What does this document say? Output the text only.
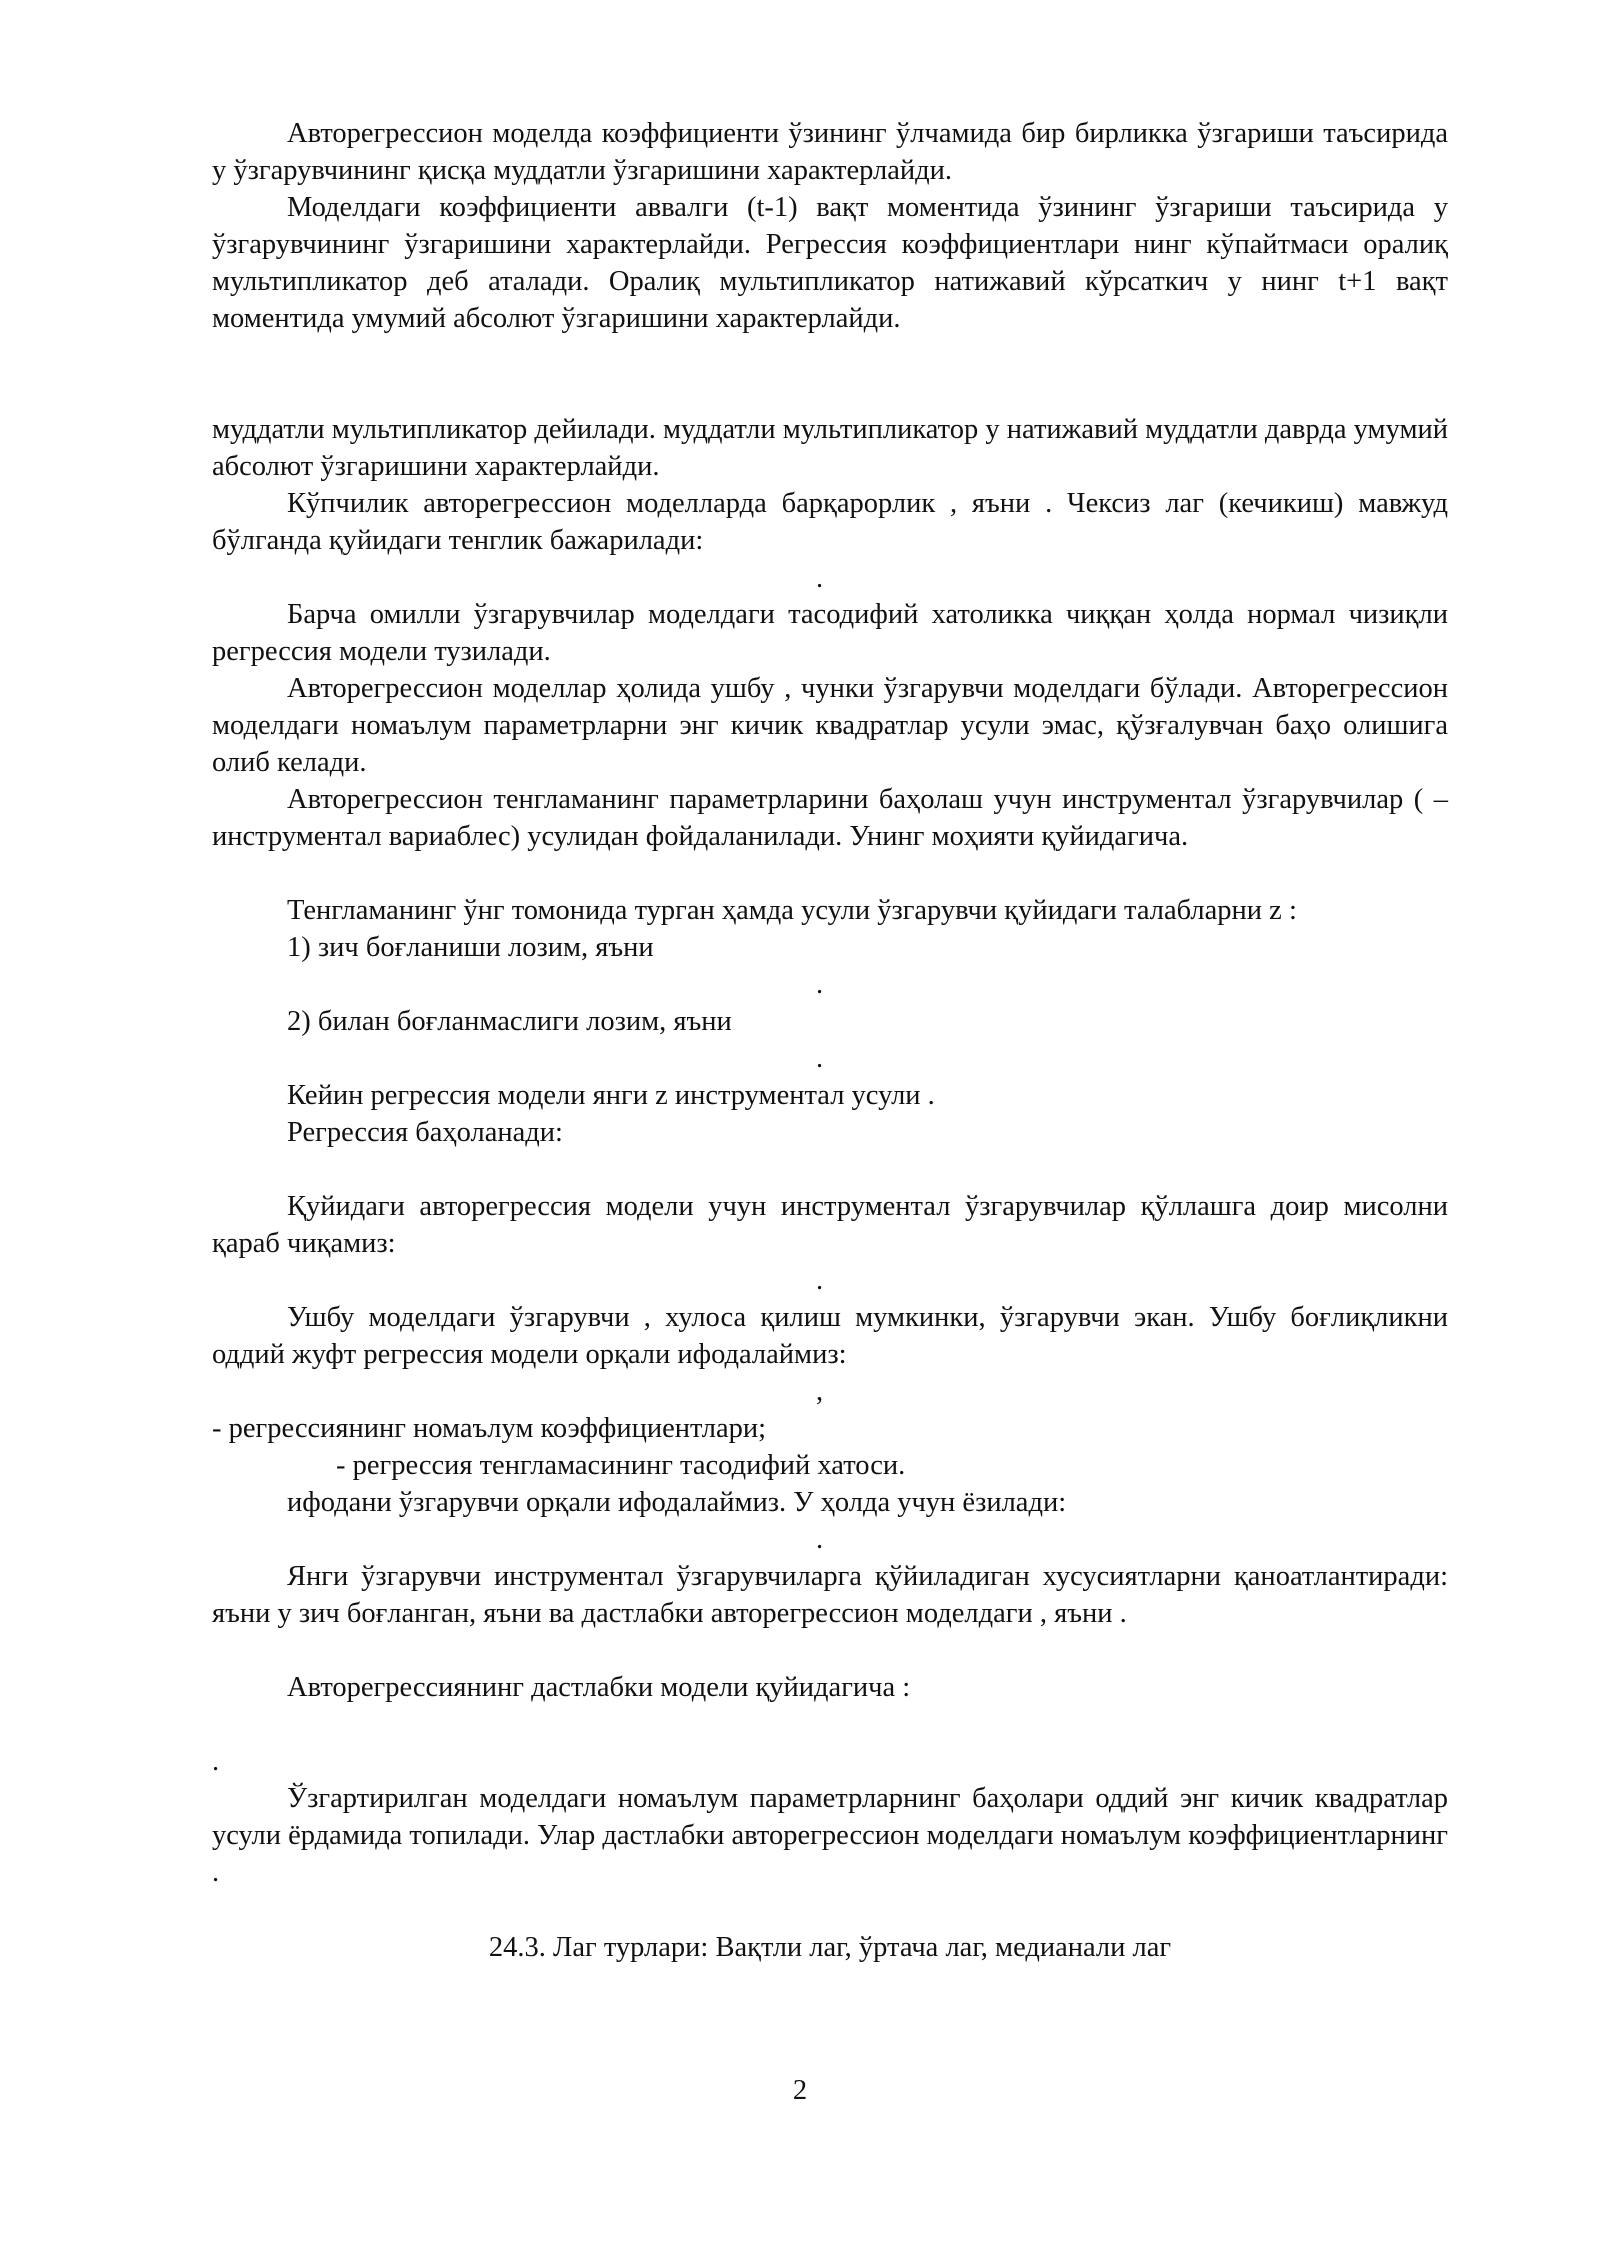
Авторегрессион моделда коэффициенти ўзининг ўлчамида бир бирликка ўзгариши таъсирида у ўзгарувчининг қисқа муддатли ўзгаришини характерлайди.

Моделдаги коэффициенти аввалги (t-1) вақт моментида ўзининг ўзгариши таъсирида у ўзгарувчининг ўзгаришини характерлайди. Регрессия коэффициентлари нинг кўпайтмаси оралиқ мультипликатор деб аталади. Оралиқ мультипликатор натижавий кўрсаткич у нинг t+1 вақт моментида умумий абсолют ўзгаришини характерлайди.

муддатли мультипликатор дейилади. муддатли мультипликатор у натижавий муддатли даврда умумий абсолют ўзгаришини характерлайди.

Кўпчилик авторегрессион моделларда барқарорлик , яъни . Чексиз лаг (кечикиш) мавжуд бўлганда қуйидаги тенглик бажарилади:

.

Барча омилли ўзгарувчилар моделдаги тасодифий хатоликка чиққан ҳолда нормал чизиқли регрессия модели тузилади.

Авторегрессион моделлар ҳолида ушбу , чунки ўзгарувчи моделдаги бўлади. Авторегрессион моделдаги номаълум параметрларни энг кичик квадратлар усули эмас, қўзғалувчан баҳо олишига олиб келади.

Авторегрессион тенгламанинг параметрларини баҳолаш учун инструментал ўзгарувчилар ( – инструментал вариаблес) усулидан фойдаланилади. Унинг моҳияти қуйидагича.

Тенгламанинг ўнг томонида турган ҳамда усули ўзгарувчи қуйидаги талабларни z :

1) зич боғланиши лозим, яъни

.

2) билан боғланмаслиги лозим, яъни

.

Кейин регрессия модели янги z инструментал усули .

Регрессия баҳоланади:

Қуйидаги авторегрессия модели учун инструментал ўзгарувчилар қўллашга доир мисолни қараб чиқамиз:

.

Ушбу моделдаги ўзгарувчи , хулоса қилиш мумкинки, ўзгарувчи экан. Ушбу боғлиқликни оддий жуфт регрессия модели орқали ифодалаймиз:

,

- регрессиянинг номаълум коэффициентлари;

- регрессия тенгламасининг тасодифий хатоси.

ифодани ўзгарувчи орқали ифодалаймиз. У ҳолда учун ёзилади:

.

Янги ўзгарувчи инструментал ўзгарувчиларга қўйиладиган хусусиятларни қаноатлантиради: яъни у зич боғланган, яъни ва дастлабки авторегрессион моделдаги , яъни .

Авторегрессиянинг дастлабки модели қуйидагича :

.

Ўзгартирилган моделдаги номаълум параметрларнинг баҳолари оддий энг кичик квадратлар усули ёрдамида топилади. Улар дастлабки авторегрессион моделдаги номаълум коэффициентларнинг .

24.3. Лаг турлари: Вақтли лаг, ўртача лаг, медианали лаг

2
